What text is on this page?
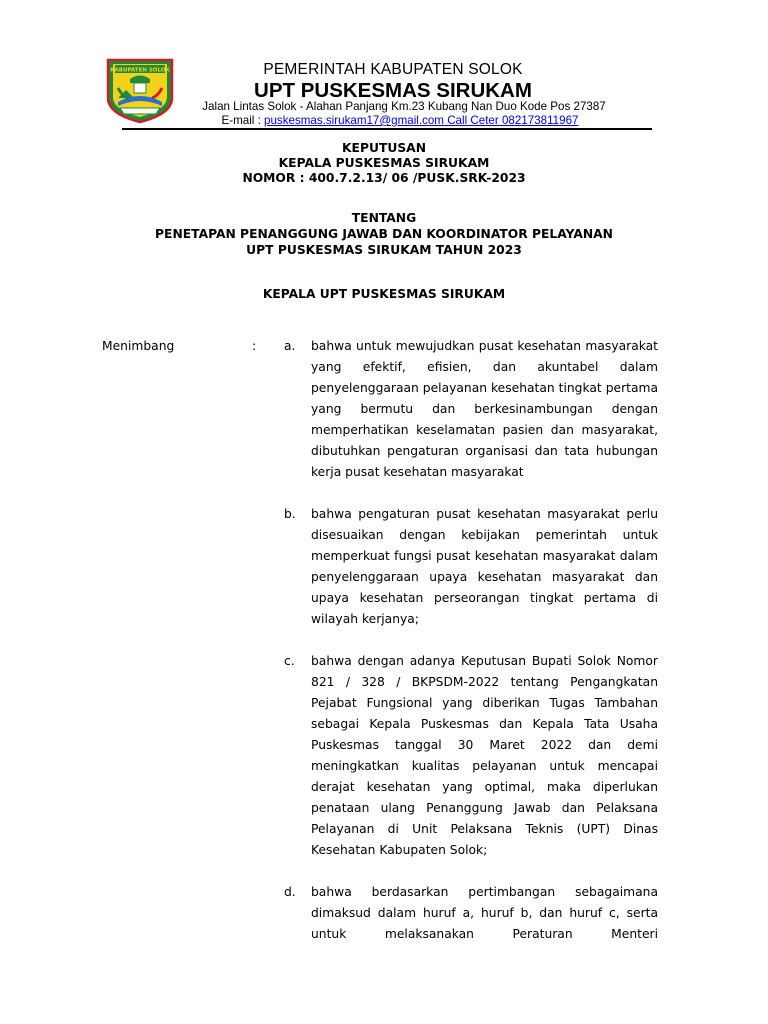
KABUPATEN SOLOK	PEMERINTAH KABUPATEN SOLOK
UPT PUSKESMAS SIRUKAM
Jalan Lintas Solok - Alahan Panjang Km.23 Kubang Nan Duo Kode Pos 27387
E-mail : puskesmas.sirukam17@gmail.com Call Ceter 082173811967
KEPUTUSAN
KEPALA PUSKESMAS SIRUKAM
NOMOR : 400.7.2.13/ 06 /PUSK.SRK-2023
TENTANG
PENETAPAN PENANGGUNG JAWAB DAN KOORDINATOR PELAYANAN
UPT PUSKESMAS SIRUKAM TAHUN 2023
KEPALA UPT PUSKESMAS SIRUKAM
Menimbang	: a.	bahwa untuk mewujudkan pusat kesehatan masyarakat yang efektif, efisien, dan akuntabel dalam penyelenggaraan pelayanan kesehatan tingkat pertama yang bermutu dan berkesinambungan dengan memperhatikan keselamatan pasien dan masyarakat, dibutuhkan pengaturan organisasi dan tata hubungan kerja pusat kesehatan masyarakat
b.	bahwa pengaturan pusat kesehatan masyarakat perlu disesuaikan dengan kebijakan pemerintah untuk memperkuat fungsi pusat kesehatan masyarakat dalam penyelenggaraan upaya kesehatan masyarakat dan upaya kesehatan perseorangan tingkat pertama di wilayah kerjanya;
c.	bahwa dengan adanya Keputusan Bupati Solok Nomor 821 / 328 / BKPSDM-2022 tentang Pengangkatan Pejabat Fungsional yang diberikan Tugas Tambahan sebagai Kepala Puskesmas dan Kepala Tata Usaha Puskesmas tanggal 30 Maret 2022 dan demi meningkatkan kualitas pelayanan untuk mencapai derajat kesehatan yang optimal, maka diperlukan penataan ulang Penanggung Jawab dan Pelaksana Pelayanan di Unit Pelaksana Teknis (UPT) Dinas Kesehatan Kabupaten Solok;
d.	bahwa berdasarkan pertimbangan sebagaimana dimaksud dalam huruf a, huruf b, dan huruf c, serta untuk melaksanakan Peraturan Menteri
